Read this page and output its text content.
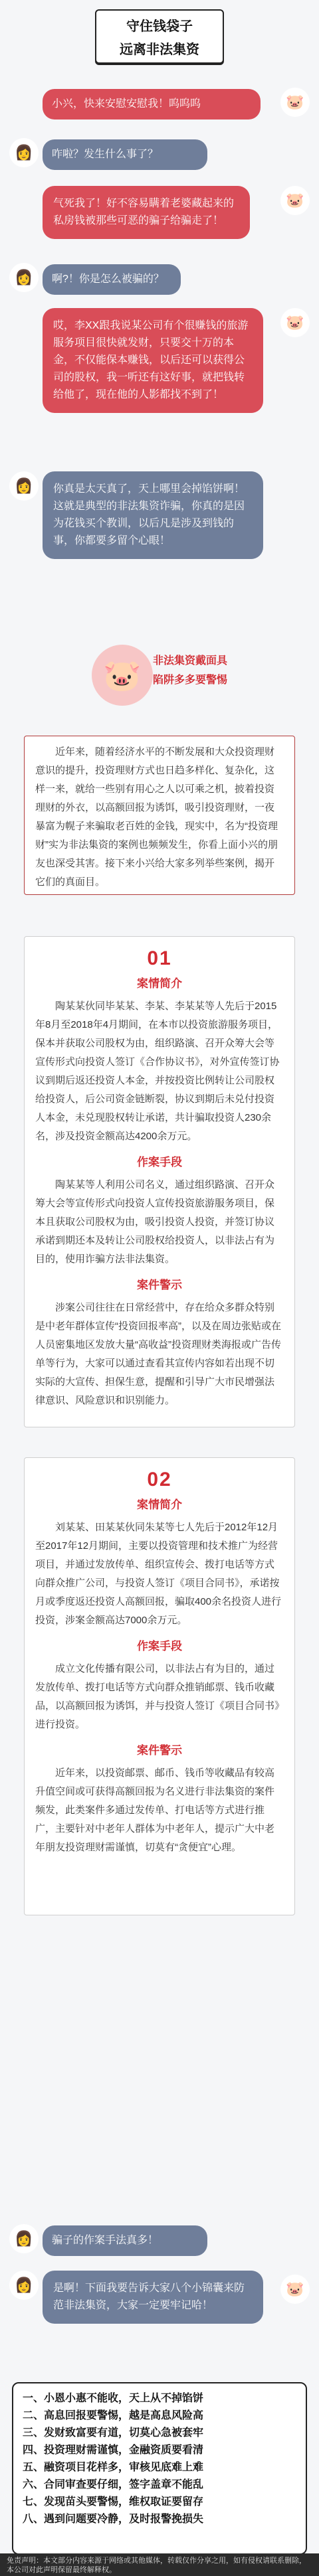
守住钱袋子
远离非法集资
小兴，快来安慰安慰我！呜呜呜	🐷
👩	咋啦？发生什么事了？
气死我了！好不容易瞒着老婆藏起来的私房钱被那些可恶的骗子给骗走了！
🐷
👩	啊?！你是怎么被骗的？
哎，李XX跟我说某公司有个很赚钱的旅游服务项目很快就发财，只要交十万的本金，不仅能保本赚钱，以后还可以获得公司的股权，我一听还有这好事，就把钱转给他了，现在他的人影都找不到了！
🐷
👩	你真是太天真了，天上哪里会掉馅饼啊！这就是典型的非法集资诈骗，你真的是因为花钱买个教训，以后凡是涉及到钱的事，你都要多留个心眼！
🐷	非法集资戴面具
陷阱多多要警惕
近年来，随着经济水平的不断发展和大众投资理财意识的提升，投资理财方式也日趋多样化、复杂化，这样一来，就给一些别有用心之人以可乘之机，披着投资理财的外衣，以高额回报为诱饵，吸引投资理财，一夜暴富为幌子来骗取老百姓的金钱，现实中，名为“投资理财”实为非法集资的案例也频频发生，你看上面小兴的朋友也深受其害。接下来小兴给大家多列举些案例，揭开它们的真面目。
01
案情简介
陶某某伙同毕某某、李某、李某某等人先后于2015年8月至2018年4月期间，在本市以投资旅游服务项目，保本并获取公司股权为由，组织路演、召开众筹大会等宣传形式向投资人签订《合作协议书》，对外宣传签订协议到期后返还投资人本金，并按投资比例转让公司股权给投资人，后公司资金链断裂，协议到期后未兑付投资人本金，未兑现股权转让承诺，共计骗取投资人230余名，涉及投资金额高达4200余万元。
作案手段
陶某某等人利用公司名义，通过组织路演、召开众筹大会等宣传形式向投资人宣传投资旅游服务项目，保本且获取公司股权为由，吸引投资人投资，并签订协议承诺到期还本及转让公司股权给投资人，以非法占有为目的，使用诈骗方法非法集资。
案件警示
涉案公司往往在日常经营中，存在给众多群众特别是中老年群体宣传“投资回报率高”，以及在周边张贴或在人员密集地区发放大量“高收益”投资理财类海报或广告传单等行为，大家可以通过查看其宣传内容如若出现不切实际的大宣传、担保生意，提醒和引导广大市民增强法律意识、风险意识和识别能力。
02
案情简介
刘某某、田某某伙同朱某等七人先后于2012年12月至2017年12月期间，主要以投资管理和技术推广为经营项目，并通过发放传单、组织宣传会、拨打电话等方式向群众推广公司，与投资人签订《项目合同书》，承诺按月或季度返还投资人高额回报，骗取400余名投资人进行投资，涉案金额高达7000余万元。
作案手段
成立文化传播有限公司，以非法占有为目的，通过发放传单、拨打电话等方式向群众推销邮票、钱币收藏品，以高额回报为诱饵，并与投资人签订《项目合同书》进行投资。
案件警示
近年来，以投资邮票、邮币、钱币等收藏品有较高升值空间或可获得高额回报为名义进行非法集资的案件频发，此类案件多通过发传单、打电话等方式进行推广，主要针对中老年人群体为中老年人，提示广大中老年朋友投资理财需谨慎，切莫有“贪便宜”心理。
👩	骗子的作案手法真多！
👩	是啊！下面我要告诉大家八个小锦囊来防范非法集资，大家一定要牢记哈！
🐷
一、小恩小惠不能收，天上从不掉馅饼
二、高息回报要警惕，越是高息风险高
三、发财致富要有道，切莫心急被套牢
四、投资理财需谨慎，金融资质要看清
五、融资项目花样多，审核见底难上难
六、合同审查要仔细，签字盖章不能乱
七、发现苗头要警惕，维权取证要留存
八、遇到问题要冷静，及时报警挽损失
免责声明：本文部分内容来源于网络或其他媒体，转载仅作分享之用，如有侵权请联系删除，本公司对此声明保留最终解释权。
